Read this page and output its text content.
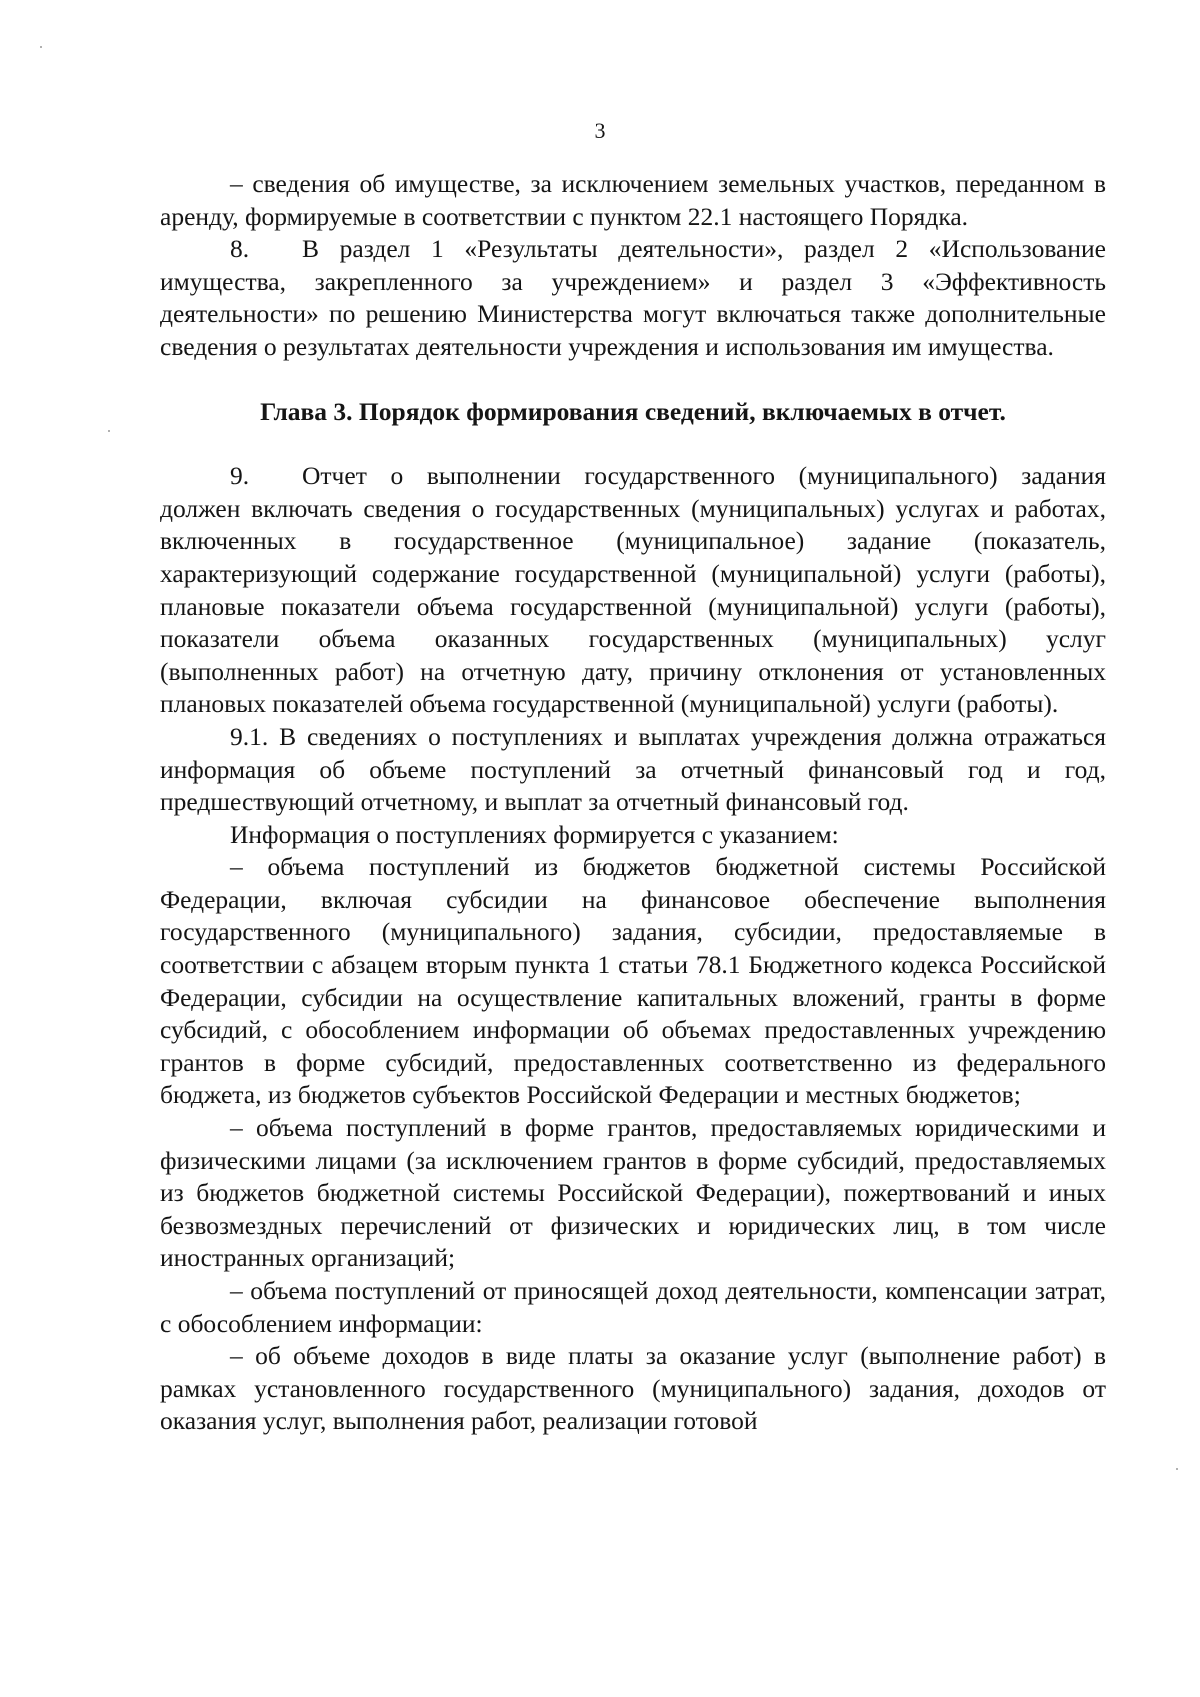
3

– сведения об имуществе, за исключением земельных участков, переданном в аренду, формируемые в соответствии с пунктом 22.1 настоящего Порядка.

8. В раздел 1 «Результаты деятельности», раздел 2 «Использование имущества, закрепленного за учреждением» и раздел 3 «Эффективность деятельности» по решению Министерства могут включаться также дополнительные сведения о результатах деятельности учреждения и использования им имущества.

Глава 3. Порядок формирования сведений, включаемых в отчет.

9. Отчет о выполнении государственного (муниципального) задания должен включать сведения о государственных (муниципальных) услугах и работах, включенных в государственное (муниципальное) задание (показатель, характеризующий содержание государственной (муниципальной) услуги (работы), плановые показатели объема государственной (муниципальной) услуги (работы), показатели объема оказанных государственных (муниципальных) услуг (выполненных работ) на отчетную дату, причину отклонения от установленных плановых показателей объема государственной (муниципальной) услуги (работы).

9.1. В сведениях о поступлениях и выплатах учреждения должна отражаться информация об объеме поступлений за отчетный финансовый год и год, предшествующий отчетному, и выплат за отчетный финансовый год.

Информация о поступлениях формируется с указанием:

– объема поступлений из бюджетов бюджетной системы Российской Федерации, включая субсидии на финансовое обеспечение выполнения государственного (муниципального) задания, субсидии, предоставляемые в соответствии с абзацем вторым пункта 1 статьи 78.1 Бюджетного кодекса Российской Федерации, субсидии на осуществление капитальных вложений, гранты в форме субсидий, с обособлением информации об объемах предоставленных учреждению грантов в форме субсидий, предоставленных соответственно из федерального бюджета, из бюджетов субъектов Российской Федерации и местных бюджетов;

– объема поступлений в форме грантов, предоставляемых юридическими и физическими лицами (за исключением грантов в форме субсидий, предоставляемых из бюджетов бюджетной системы Российской Федерации), пожертвований и иных безвозмездных перечислений от физических и юридических лиц, в том числе иностранных организаций;

– объема поступлений от приносящей доход деятельности, компенсации затрат, с обособлением информации:

– об объеме доходов в виде платы за оказание услуг (выполнение работ) в рамках установленного государственного (муниципального) задания, доходов от оказания услуг, выполнения работ, реализации готовой
